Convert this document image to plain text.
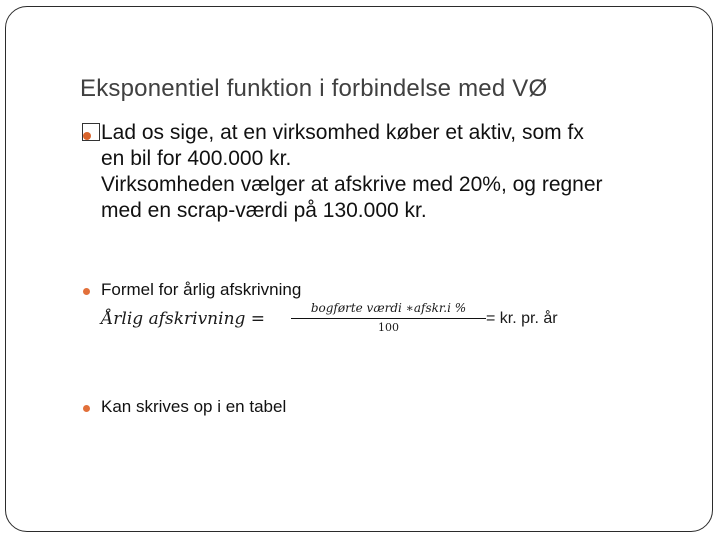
Eksponentiel funktion i forbindelse med VØ
Lad os sige, at en virksomhed køber et aktiv, som fx
en bil for 400.000 kr.
Virksomheden vælger at afskrive med 20%, og regner
med en scrap-værdi på 130.000 kr.
Formel for årlig afskrivning
Årlig afskrivning =
bogførte værdi ∗afskr.i %
100
= kr. pr. år
Kan skrives op i en tabel
